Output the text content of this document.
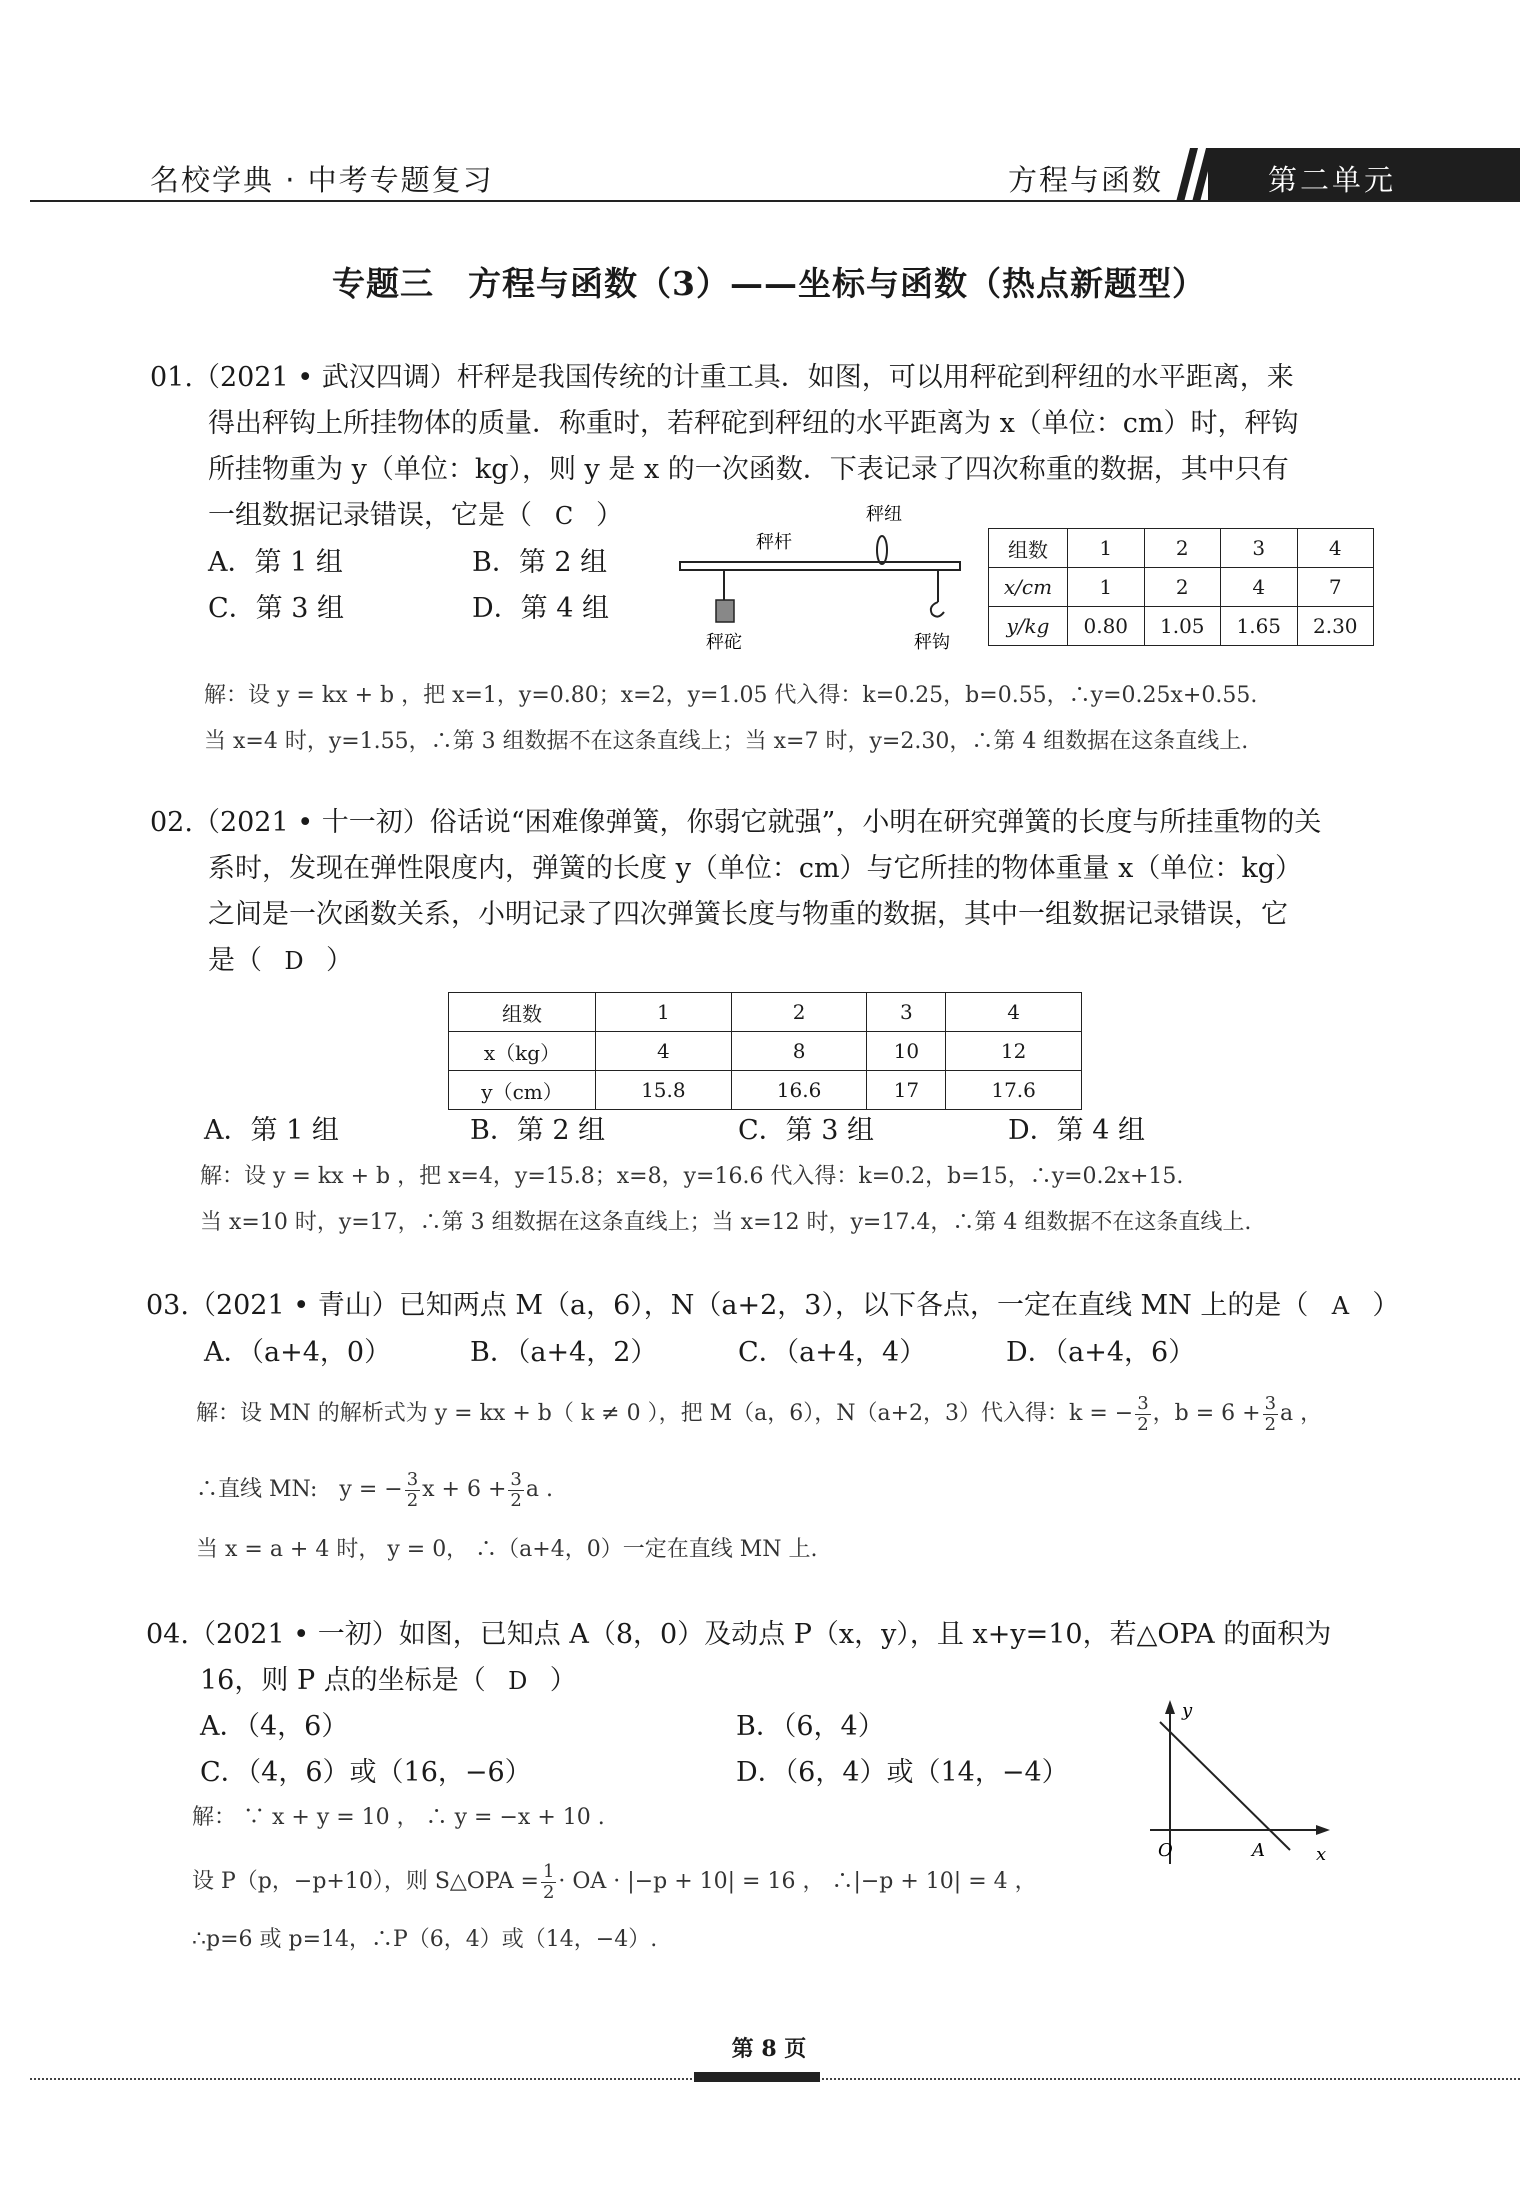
名校学典 · 中考专题复习	方程与函数	第二单元
专题三　方程与函数（3）——坐标与函数（热点新题型）
01.（2021 • 武汉四调）杆秤是我国传统的计重工具．如图，可以用秤砣到秤纽的水平距离，来
得出秤钩上所挂物体的质量．称重时，若秤砣到秤纽的水平距离为 x（单位：cm）时，秤钩
所挂物重为 y（单位：kg），则 y 是 x 的一次函数．下表记录了四次称重的数据，其中只有
一组数据记录错误，它是（ C ）
A．第 1 组	B．第 2 组
C．第 3 组	D．第 4 组
秤杆
秤纽
秤砣	秤钩
组数	1	2	3	4
x/cm	1	2	4	7
y/kg	0.80	1.05	1.65	2.30
解：设 y = kx + b ，把 x=1，y=0.80；x=2，y=1.05 代入得：k=0.25，b=0.55，∴y=0.25x+0.55.
当 x=4 时，y=1.55，∴第 3 组数据不在这条直线上；当 x=7 时，y=2.30，∴第 4 组数据在这条直线上.
02.（2021 • 十一初）俗话说“困难像弹簧，你弱它就强”，小明在研究弹簧的长度与所挂重物的关
系时，发现在弹性限度内，弹簧的长度 y（单位：cm）与它所挂的物体重量 x（单位：kg）
之间是一次函数关系，小明记录了四次弹簧长度与物重的数据，其中一组数据记录错误，它
是（ D ）
组数	1	2	3	4
x（kg）	4	8	10	12
y（cm）	15.8	16.6	17	17.6
A．第 1 组	B．第 2 组	C．第 3 组	D．第 4 组
解：设 y = kx + b ，把 x=4，y=15.8；x=8，y=16.6 代入得：k=0.2，b=15，∴y=0.2x+15.
当 x=10 时，y=17，∴第 3 组数据在这条直线上；当 x=12 时，y=17.4，∴第 4 组数据不在这条直线上.
03.（2021 • 青山）已知两点 M（a，6），N（a+2，3），以下各点，一定在直线 MN 上的是（ A ）
A．（a+4，0）	B．（a+4，2）	C．（a+4，4）	D．（a+4，6）
解：设 MN 的解析式为 y = kx + b（ k ≠ 0 ），把 M（a，6），N（a+2，3）代入得：k = − $\frac{3}{2}$ ，$b = 6 + \frac{3}{2}$ a ，
∴直线 MN:　y = − $\frac{3}{2}$ $x + 6 + \frac{3}{2}$ a .
当 x = a + 4 时， y = 0， ∴（a+4，0）一定在直线 MN 上.
04.（2021 • 一初）如图，已知点 A（8，0）及动点 P（x，y），且 x+y=10，若△OPA 的面积为
16，则 P 点的坐标是（ D ）
A．（4，6）	B．（6，4）
C．（4，6）或（16，−6）	D．（6，4）或（14，−4）
解： ∵ x + y = 10 ， ∴ y = −x + 10 .
设 P（p，−p+10），则 S△OPA = $\frac{1}{2}$ · OA · |−p + 10| = 16 ， ∴|−p + 10| = 4 ，
∴p=6 或 p=14，∴P（6，4）或（14，−4）.
y
x
O	A
第 8 页
